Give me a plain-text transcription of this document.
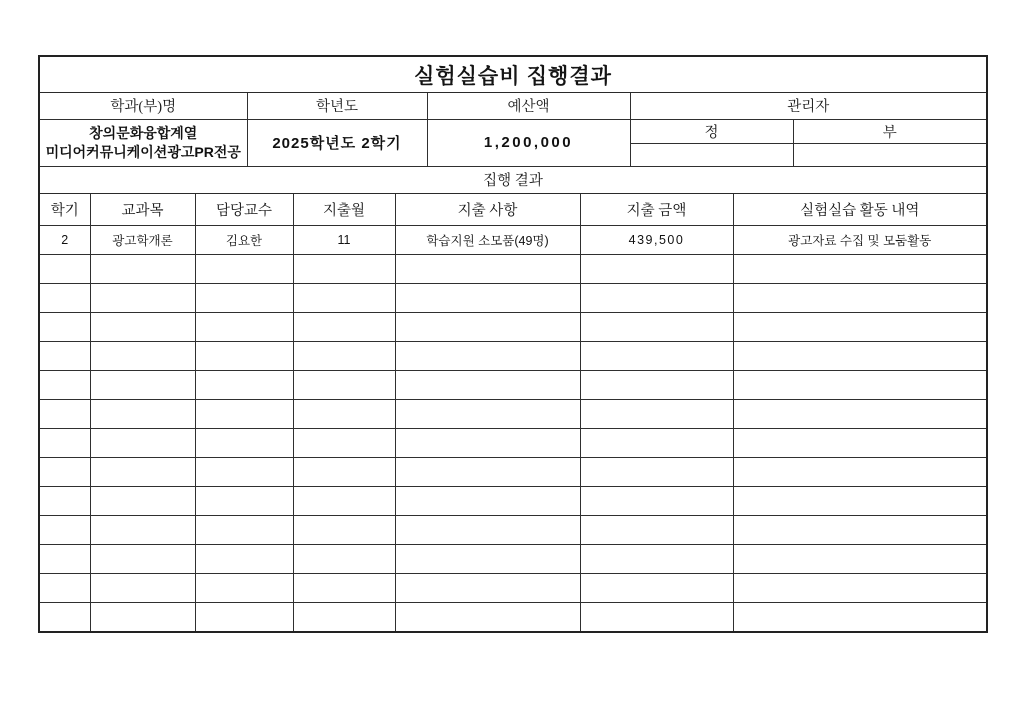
실험실습비 집행결과
학과(부)명	학년도	예산액	관리자	

창의문화융합계열
미디어커뮤니케이션광고PR전공	2025학년도 2학기	1,200,000	정	부

집행 결과				
학기	교과목	담당교수	지출월	지출 사항	지출 금액	실험실습 활동 내역
2	광고학개론	김요한	11	학습지원 소모품(49명)	439,500	광고자료 수집 및 모둠활동
